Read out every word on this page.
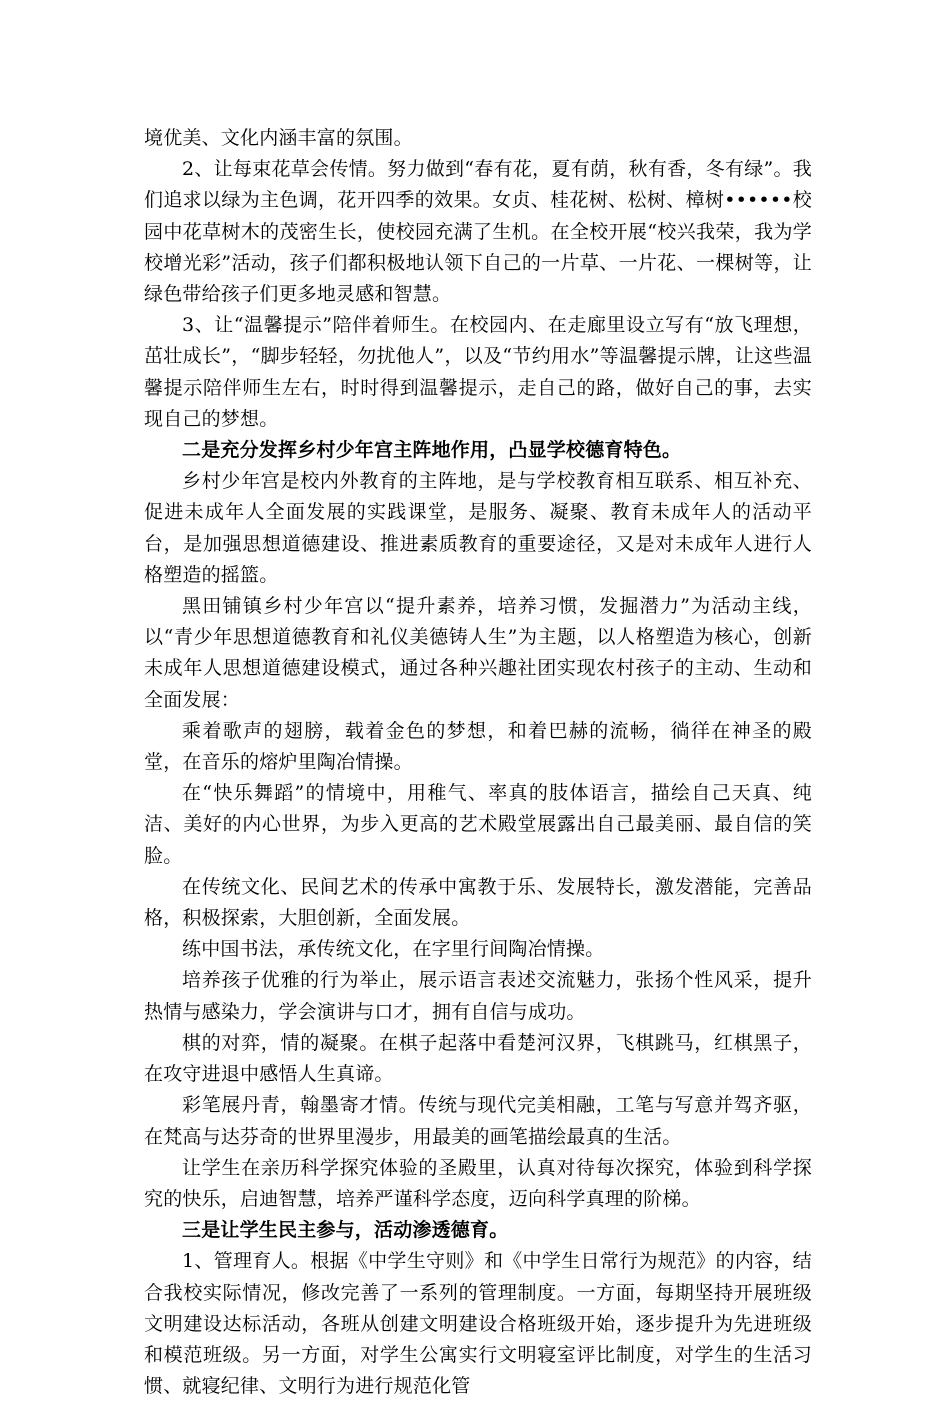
境优美、文化内涵丰富的氛围。

2、让每束花草会传情。努力做到“春有花，夏有荫，秋有香，冬有绿”。我们追求以绿为主色调，花开四季的效果。女贞、桂花树、松树、樟树••••••校园中花草树木的茂密生长，使校园充满了生机。在全校开展“校兴我荣，我为学校增光彩”活动，孩子们都积极地认领下自己的一片草、一片花、一棵树等，让绿色带给孩子们更多地灵感和智慧。

3、让“温馨提示”陪伴着师生。在校园内、在走廊里设立写有“放飞理想，茁壮成长”，“脚步轻轻，勿扰他人”，以及“节约用水”等温馨提示牌，让这些温馨提示陪伴师生左右，时时得到温馨提示，走自己的路，做好自己的事，去实现自己的梦想。

二是充分发挥乡村少年宫主阵地作用，凸显学校德育特色。

乡村少年宫是校内外教育的主阵地，是与学校教育相互联系、相互补充、促进未成年人全面发展的实践课堂，是服务、凝聚、教育未成年人的活动平台，是加强思想道德建设、推进素质教育的重要途径，又是对未成年人进行人格塑造的摇篮。

黑田铺镇乡村少年宫以“提升素养，培养习惯，发掘潜力”为活动主线，以“青少年思想道德教育和礼仪美德铸人生”为主题，以人格塑造为核心，创新未成年人思想道德建设模式，通过各种兴趣社团实现农村孩子的主动、生动和全面发展：

乘着歌声的翅膀，载着金色的梦想，和着巴赫的流畅，徜徉在神圣的殿堂，在音乐的熔炉里陶冶情操。

在“快乐舞蹈”的情境中，用稚气、率真的肢体语言，描绘自己天真、纯洁、美好的内心世界，为步入更高的艺术殿堂展露出自己最美丽、最自信的笑脸。

在传统文化、民间艺术的传承中寓教于乐、发展特长，激发潜能，完善品格，积极探索，大胆创新，全面发展。

练中国书法，承传统文化，在字里行间陶冶情操。

培养孩子优雅的行为举止，展示语言表述交流魅力，张扬个性风采，提升热情与感染力，学会演讲与口才，拥有自信与成功。

棋的对弈，情的凝聚。在棋子起落中看楚河汉界，飞棋跳马，红棋黑子，在攻守进退中感悟人生真谛。

彩笔展丹青，翰墨寄才情。传统与现代完美相融，工笔与写意并驾齐驱，在梵高与达芬奇的世界里漫步，用最美的画笔描绘最真的生活。

让学生在亲历科学探究体验的圣殿里，认真对待每次探究，体验到科学探究的快乐，启迪智慧，培养严谨科学态度，迈向科学真理的阶梯。

三是让学生民主参与，活动渗透德育。

1、管理育人。根据《中学生守则》和《中学生日常行为规范》的内容，结合我校实际情况，修改完善了一系列的管理制度。一方面，每期坚持开展班级文明建设达标活动，各班从创建文明建设合格班级开始，逐步提升为先进班级和模范班级。另一方面，对学生公寓实行文明寝室评比制度，对学生的生活习惯、就寝纪律、文明行为进行规范化管
